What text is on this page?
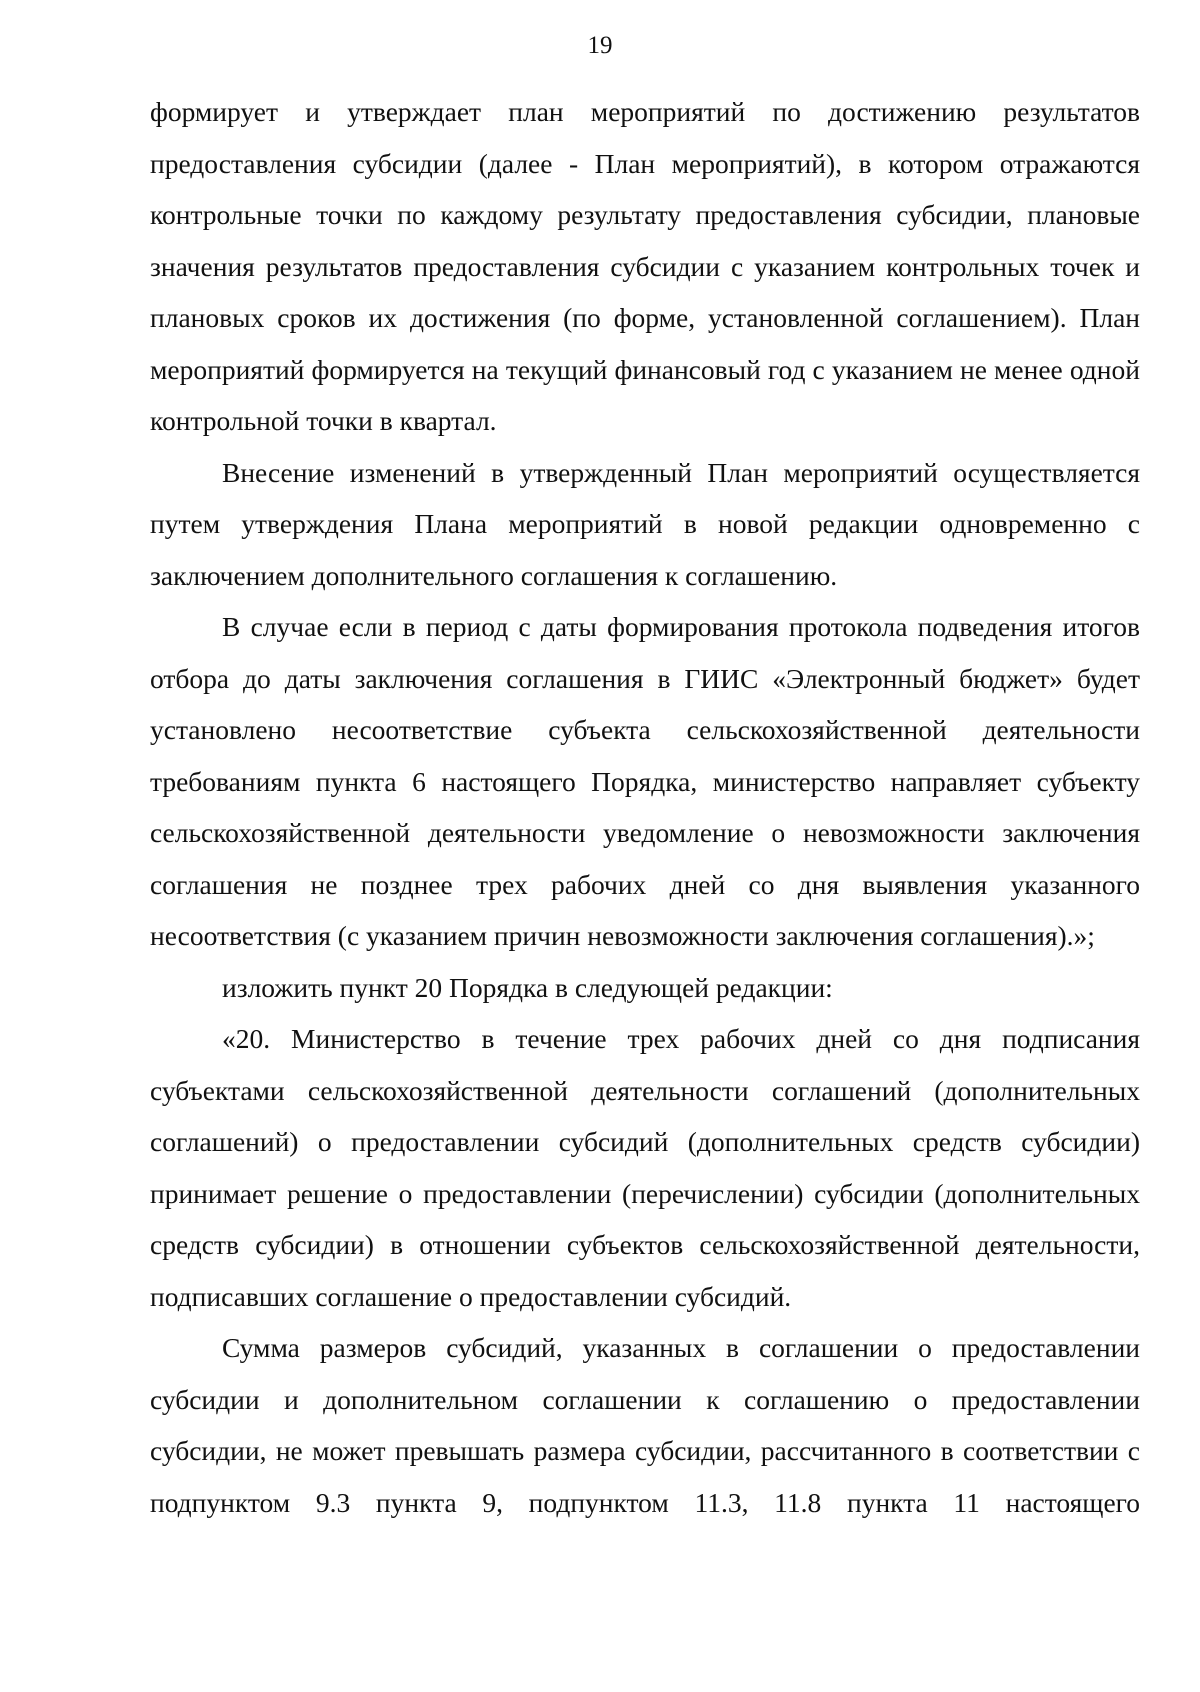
19

формирует и утверждает план мероприятий по достижению результатов предоставления субсидии (далее - План мероприятий), в котором отражаются контрольные точки по каждому результату предоставления субсидии, плановые значения результатов предоставления субсидии с указанием контрольных точек и плановых сроков их достижения (по форме, установленной соглашением). План мероприятий формируется на текущий финансовый год с указанием не менее одной контрольной точки в квартал.

Внесение изменений в утвержденный План мероприятий осуществляется путем утверждения Плана мероприятий в новой редакции одновременно с заключением дополнительного соглашения к соглашению.

В случае если в период с даты формирования протокола подведения итогов отбора до даты заключения соглашения в ГИИС «Электронный бюджет» будет установлено несоответствие субъекта сельскохозяйственной деятельности требованиям пункта 6 настоящего Порядка, министерство направляет субъекту сельскохозяйственной деятельности уведомление о невозможности заключения соглашения не позднее трех рабочих дней со дня выявления указанного несоответствия (с указанием причин невозможности заключения соглашения).»;

изложить пункт 20 Порядка в следующей редакции:

«20. Министерство в течение трех рабочих дней со дня подписания субъектами сельскохозяйственной деятельности соглашений (дополнительных соглашений) о предоставлении субсидий (дополнительных средств субсидии) принимает решение о предоставлении (перечислении) субсидии (дополнительных средств субсидии) в отношении субъектов сельскохозяйственной деятельности, подписавших соглашение о предоставлении субсидий.

Сумма размеров субсидий, указанных в соглашении о предоставлении субсидии и дополнительном соглашении к соглашению о предоставлении субсидии, не может превышать размера субсидии, рассчитанного в соответствии с подпунктом 9.3 пункта 9, подпунктом 11.3, 11.8 пункта 11 настоящего
